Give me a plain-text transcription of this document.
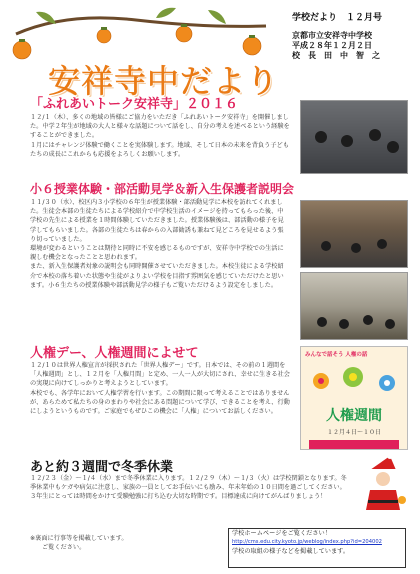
安祥寺中だより
学校だより　１２月号
京都市立安祥寺中学校
平成２８年１２月２日
校　長　田　中　智　之
「ふれあいトーク安祥寺」２０１６
１２/１（木）、多くの地域の皆様にご協力をいただき「ふれあいトーク安祥寺」を開催しました。中学２年生が地域の大人と様々な話題について話をし、自分の考えを述べるという経験をすることができました。
１月にはチャレンジ体験で働くことを実体験します。地域、そして日本の未来を背負う子どもたちの成長にこれからも応援をよろしくお願いします。
小６授業体験・部活動見学＆新入生保護者説明会
１１/３０（水）、校区内３小学校の６年生が授業体験・部活動見学に本校を訪れてくれました。生徒会本部の生徒たちによる学校紹介で中学校生活のイメージを持ってもらった後、中学校の先生による授業を１時間体験していただきました。授業体験後は、部活動の様子を見学してもらいました。各部の生徒たちは春からの入部勧誘も兼ねて見どころを見せるよう張り切っていました。
環境が変わるということは期待と同時に不安を感じるものですが、安祥寺中学校での生活に親しむ機会となったことと思われます。
また、新入生保護者対象の説明会も同時開催させていただきました。本校生徒による学校紹介で本校の落ち着いた状態や生徒がよりよい学校を目指す雰囲気を感じていただけたと思います。小６生たちの授業体験や部活動見学の様子もご覧いただけるよう設定をしました。
人権デー、人権週間によせて
１２/１０は世界人権宣言が採択された「世界人権デー」です。日本では、その前の１週間を「人権週間」とし、１２月を「人権月間」と定め、一人一人が大切にされ、幸せに生きる社会の実現に向けてしっかりと考えようとしています。
本校でも、各学年において人権学習を行います。この期間に限って考えることではありませんが、あらためて私たちの身のまわりや社会にある問題について学び、できることを考え、行動にしようというものです。ご家庭でもぜひこの機会に「人権」についてお話しください。
みんなで話そう 人権の話
人権週間
１２月４日～１０日
あと約３週間で冬季休業
１２/２３（金）～１/４（水）まで冬季休業に入ります。１２/２９（木）～１/３（火）は学校閉鎖となります。冬季休業中もケガや病気に注意し、家族の一員としてお手伝いにも励み、年末年始の１０日間を過ごしてください。
３年生にとっては時間をかけて受験勉強に打ち込む大切な時期です。目標達成に向けてがんばりましょう！
※裏面に行事等を掲載しています。
ご覧ください。
学校ホームページをご覧ください！
http://cms.edu.city.kyoto.jp/weblog/index.php?id=204002
学校の取組の様子などを掲載しています。
